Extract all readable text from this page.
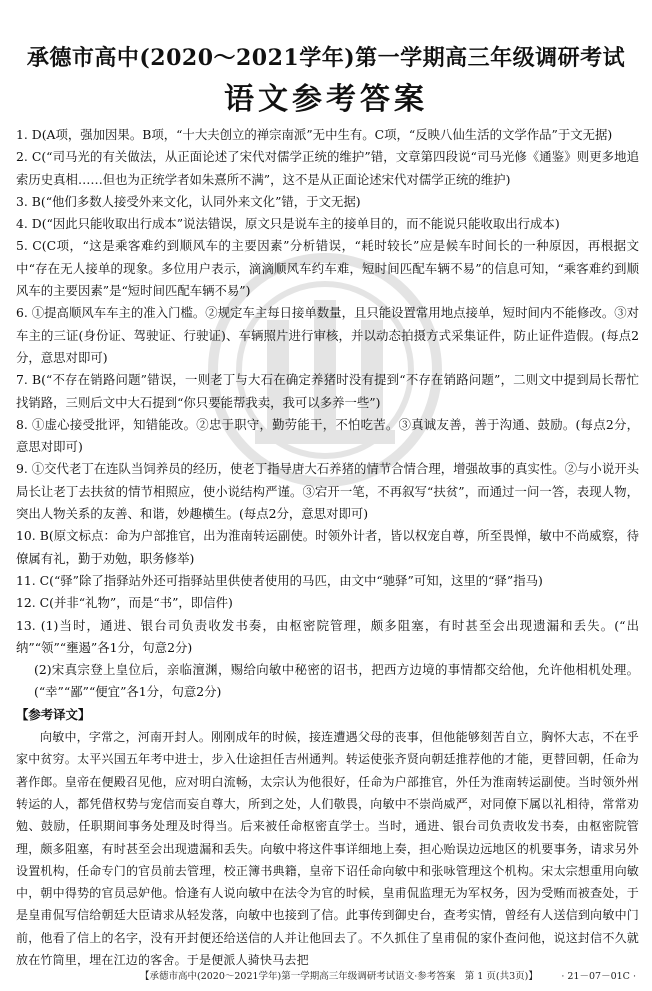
承德市高中(2020～2021学年)第一学期高三年级调研考试
语文参考答案

1. D(A项，强加因果。B项，“十大夫创立的禅宗南派”无中生有。C项，“反映八仙生活的文学作品”于文无据)

2. C(“司马光的有关做法，从正面论述了宋代对儒学正统的维护”错，文章第四段说“司马光修《通鉴》则更多地追索历史真相……但也为正统学者如朱熹所不满”，这不是从正面论述宋代对儒学正统的维护)

3. B(“他们多数人接受外来文化，认同外来文化”错，于文无据)

4. D(“因此只能收取出行成本”说法错误，原文只是说车主的接单目的，而不能说只能收取出行成本)

5. C(C项，“这是乘客难约到顺风车的主要因素”分析错误，“耗时较长”应是候车时间长的一种原因，再根据文中“存在无人接单的现象。多位用户表示，滴滴顺风车约车难，短时间匹配车辆不易”的信息可知，“乘客难约到顺风车的主要因素”是“短时间匹配车辆不易”)

6. ①提高顺风车车主的准入门槛。②规定车主每日接单数量，且只能设置常用地点接单，短时间内不能修改。③对车主的三证(身份证、驾驶证、行驶证)、车辆照片进行审核，并以动态拍摄方式采集证件，防止证件造假。(每点2分，意思对即可)

7. B(“不存在销路问题”错误，一则老丁与大石在确定养猪时没有提到“不存在销路问题”，二则文中提到局长帮忙找销路，三则后文中大石提到“你只要能帮我卖，我可以多养一些”)

8. ①虚心接受批评，知错能改。②忠于职守，勤劳能干，不怕吃苦。③真诚友善，善于沟通、鼓励。(每点2分，意思对即可)

9. ①交代老丁在连队当饲养员的经历，使老丁指导唐大石养猪的情节合情合理，增强故事的真实性。②与小说开头局长让老丁去扶贫的情节相照应，使小说结构严谨。③宕开一笔，不再叙写“扶贫”，而通过一问一答，表现人物，突出人物关系的友善、和谐，妙趣横生。(每点2分，意思对即可)

10. B(原文标点：命为户部推官，出为淮南转运副使。时领外计者，皆以权宠自尊，所至畏惮，敏中不尚威察，待僚属有礼，勤于劝勉，职务修举)

11. C(“驿”除了指驿站外还可指驿站里供使者使用的马匹，由文中“驰驿”可知，这里的“驿”指马)

12. C(并非“礼物”，而是“书”，即信件)

13. (1)当时，通进、银台司负责收发书奏，由枢密院管理，颇多阻塞，有时甚至会出现遗漏和丢失。(“出纳”“领”“壅遏”各1分，句意2分)

(2)宋真宗登上皇位后，亲临澶渊，赐给向敏中秘密的诏书，把西方边境的事情都交给他，允许他相机处理。(“幸”“鄙”“便宜”各1分，句意2分)

【参考译文】

向敏中，字常之，河南开封人。刚刚成年的时候，接连遭遇父母的丧事，但他能够刻苦自立，胸怀大志，不在乎家中贫穷。太平兴国五年考中进士，步入仕途担任吉州通判。转运使张齐贤向朝廷推荐他的才能，更替回朝，任命为著作郎。皇帝在便殿召见他，应对明白流畅，太宗认为他很好，任命为户部推官，外任为淮南转运副使。当时领外州转运的人，都凭借权势与宠信而妄自尊大，所到之处，人们敬畏，向敏中不崇尚威严，对同僚下属以礼相待，常常劝勉、鼓励，任职期间事务处理及时得当。后来被任命枢密直学士。当时，通进、银台司负责收发书奏，由枢密院管理，颇多阻塞，有时甚至会出现遗漏和丢失。向敏中将这件事详细地上奏，担心贻误边远地区的机要事务，请求另外设置机构，任命专门的官员前去管理，校正簿书典籍，皇帝下诏任命向敏中和张咏管理这个机构。宋太宗想重用向敏中，朝中得势的官员忌妒他。恰逢有人说向敏中在法令为官的时候，皇甫侃监理无为军权务，因为受贿而被查处，于是皇甫侃写信给朝廷大臣请求从轻发落，向敏中也接到了信。此事传到御史台，查考实情，曾经有人送信到向敏中门前，他看了信上的名字，没有开封便还给送信的人并让他回去了。不久抓住了皇甫侃的家仆查问他，说这封信不久就放在竹筒里，埋在江边的客舍。于是便派人骑快马去把

【承德市高中(2020～2021学年)第一学期高三年级调研考试语文·参考答案　第 1 页(共3页)】 · 21－07－01C ·
